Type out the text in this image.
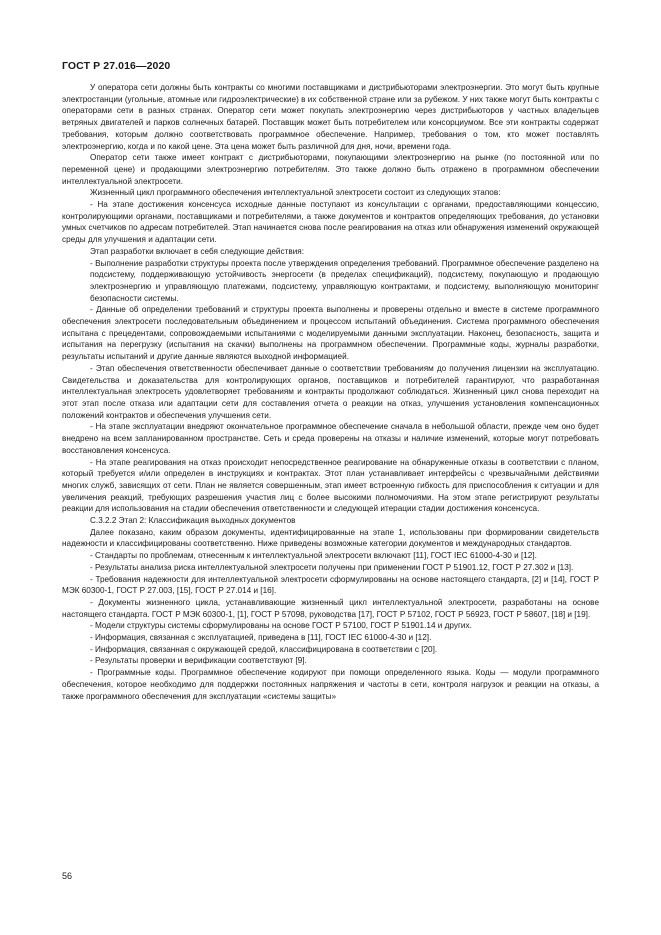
ГОСТ Р 27.016—2020

У оператора сети должны быть контракты со многими поставщиками и дистрибьюторами электроэнергии. Это могут быть крупные электростанции (угольные, атомные или гидроэлектрические) в их собственной стране или за рубежом. У них также могут быть контракты с операторами сети в разных странах. Оператор сети может покупать электроэнергию через дистрибьюторов у частных владельцев ветряных двигателей и парков солнечных батарей. Поставщик может быть потребителем или консорциумом. Все эти контракты содержат требования, которым должно соответствовать программное обеспечение. Например, требования о том, кто может поставлять электроэнергию, когда и по какой цене. Эта цена может быть различной для дня, ночи, времени года.

Оператор сети также имеет контракт с дистрибьюторами, покупающими электроэнергию на рынке (по постоянной или по переменной цене) и продающими электроэнергию потребителям. Это также должно быть отражено в программном обеспечении интеллектуальной электросети.

Жизненный цикл программного обеспечения интеллектуальной электросети состоит из следующих этапов:

- На этапе достижения консенсуса исходные данные поступают из консультации с органами, предоставляющими концессию, контролирующими органами, поставщиками и потребителями, а также документов и контрактов определяющих требования, до установки умных счетчиков по адресам потребителей. Этап начинается снова после реагирования на отказ или обнаружения изменений окружающей среды для улучшения и адаптации сети.

Этап разработки включает в себя следующие действия:

- Выполнение разработки структуры проекта после утверждения определения требований. Программное обеспечение разделено на подсистему, поддерживающую устойчивость энергосети (в пределах спецификаций), подсистему, покупающую и продающую электроэнергию и управляющую платежами, подсистему, управляющую контрактами, и подсистему, выполняющую мониторинг безопасности системы.

- Данные об определении требований и структуры проекта выполнены и проверены отдельно и вместе в системе программного обеспечения электросети последовательным объединением и процессом испытаний объединения. Система программного обеспечения испытана с прецедентами, сопровождаемыми испытаниями с моделируемыми данными эксплуатации. Наконец, безопасность, защита и испытания на перегрузку (испытания на скачки) выполнены на программном обеспечении. Программные коды, журналы разработки, результаты испытаний и другие данные являются выходной информацией.

- Этап обеспечения ответственности обеспечивает данные о соответствии требованиям до получения лицензии на эксплуатацию. Свидетельства и доказательства для контролирующих органов, поставщиков и потребителей гарантируют, что разработанная интеллектуальная электросеть удовлетворяет требованиям и контракты продолжают соблюдаться. Жизненный цикл снова переходит на этот этап после отказа или адаптации сети для составления отчета о реакции на отказ, улучшения установления компенсационных положений контрактов и обеспечения улучшения сети.

- На этапе эксплуатации внедряют окончательное программное обеспечение сначала в небольшой области, прежде чем оно будет внедрено на всем запланированном пространстве. Сеть и среда проверены на отказы и наличие изменений, которые могут потребовать восстановления консенсуса.

- На этапе реагирования на отказ происходит непосредственное реагирование на обнаруженные отказы в соответствии с планом, который требуется и/или определен в инструкциях и контрактах. Этот план устанавливает интерфейсы с чрезвычайными действиями многих служб, зависящих от сети. План не является совершенным, этап имеет встроенную гибкость для приспособления к ситуации и для увеличения реакций, требующих разрешения участия лиц с более высокими полномочиями. На этом этапе регистрируют результаты реакции для использования на стадии обеспечения ответственности и следующей итерации стадии достижения консенсуса.

С.3.2.2 Этап 2: Классификация выходных документов

Далее показано, каким образом документы, идентифицированные на этапе 1, использованы при формировании свидетельств надежности и классифицированы соответственно. Ниже приведены возможные категории документов и международных стандартов.

- Стандарты по проблемам, отнесенным к интеллектуальной электросети включают [11], ГОСТ IEC 61000-4-30 и [12].

- Результаты анализа риска интеллектуальной электросети получены при применении ГОСТ Р 51901.12, ГОСТ Р 27.302 и [13].

- Требования надежности для интеллектуальной электросети сформулированы на основе настоящего стандарта, [2] и [14], ГОСТ Р МЭК 60300-1, ГОСТ Р 27.003, [15], ГОСТ Р 27.014 и [16].

- Документы жизненного цикла, устанавливающие жизненный цикл интеллектуальной электросети, разработаны на основе настоящего стандарта. ГОСТ Р МЭК 60300-1, [1], ГОСТ Р 57098, руководства [17], ГОСТ Р 57102, ГОСТ Р 56923, ГОСТ Р 58607, [18] и [19].

- Модели структуры системы сформулированы на основе ГОСТ Р 57100, ГОСТ Р 51901.14 и других.

- Информация, связанная с эксплуатацией, приведена в [11], ГОСТ IEC 61000-4-30 и [12].

- Информация, связанная с окружающей средой, классифицирована в соответствии с [20].

- Результаты проверки и верификации соответствуют [9].

- Программные коды. Программное обеспечение кодируют при помощи определенного языка. Коды — модули программного обеспечения, которое необходимо для поддержки постоянных напряжения и частоты в сети, контроля нагрузок и реакции на отказы, а также программного обеспечения для эксплуатации «системы защиты»

56
